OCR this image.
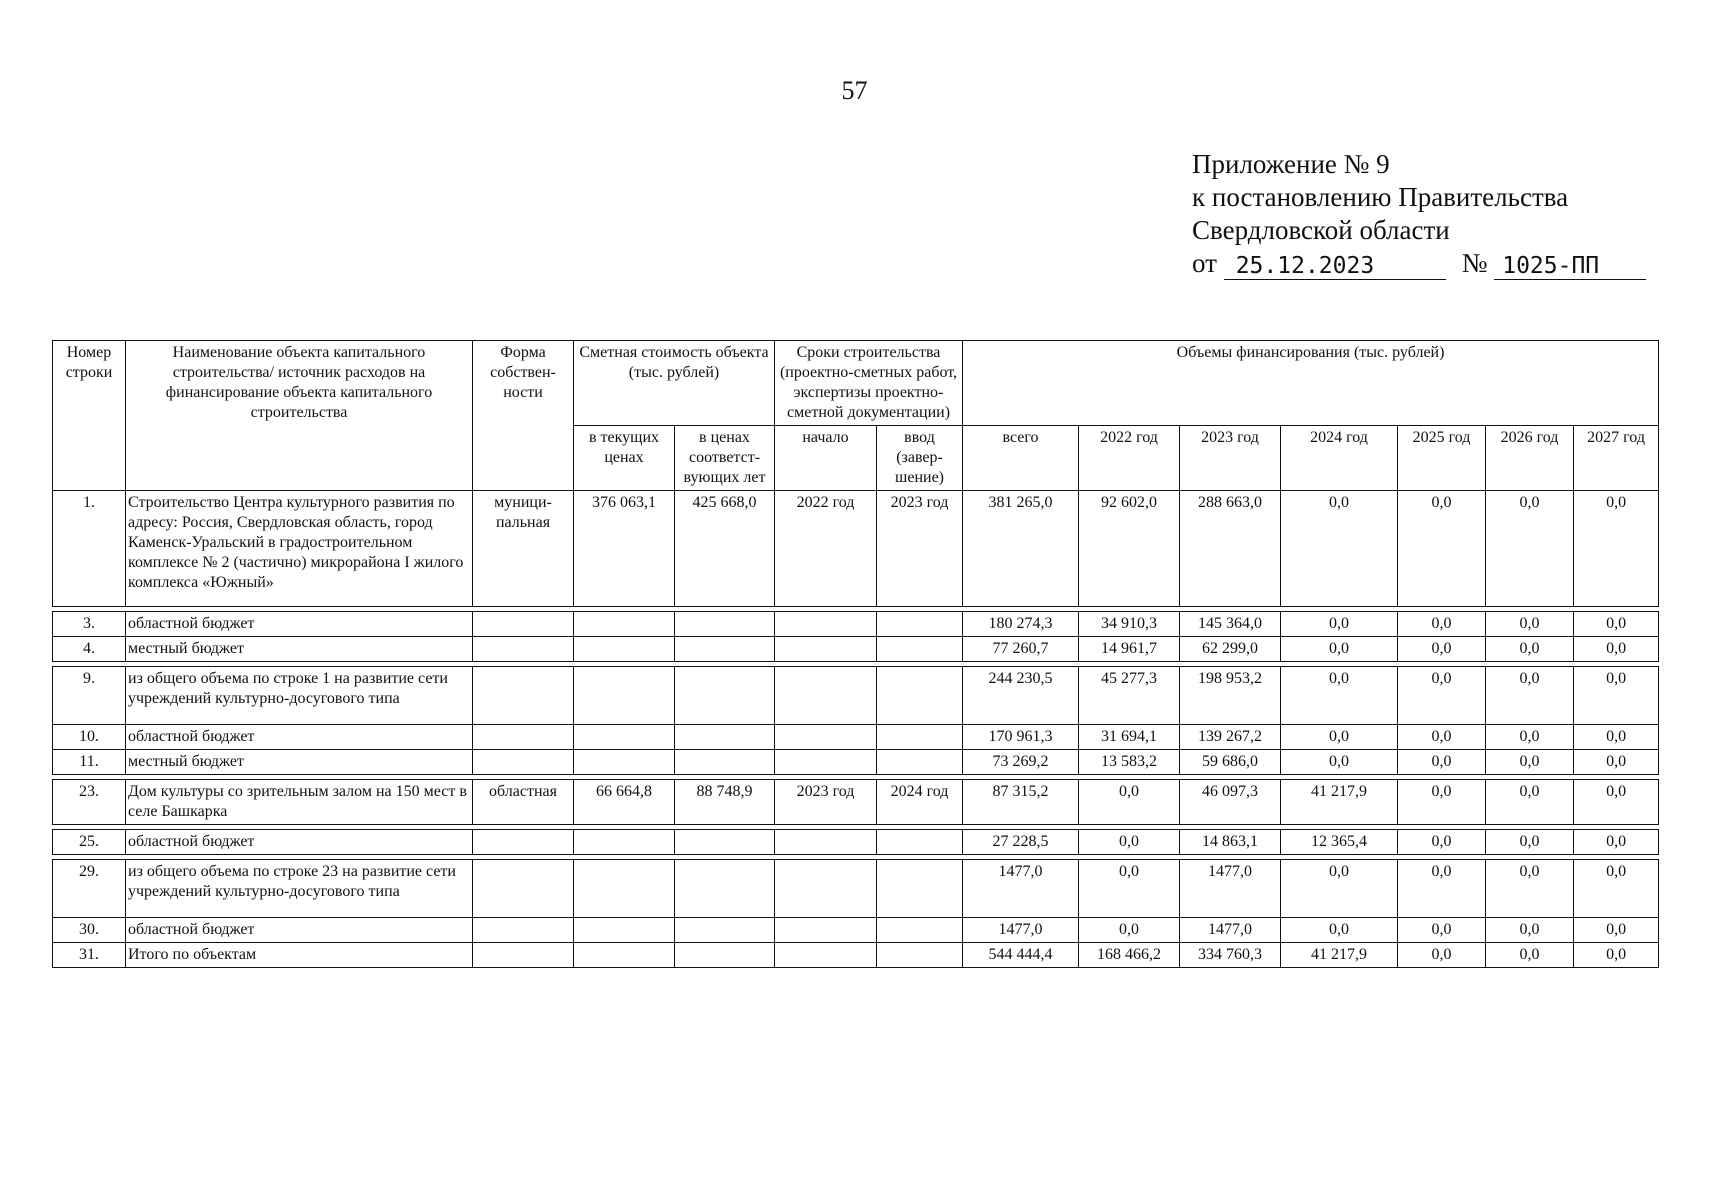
57
Приложение № 9
к постановлению Правительства
Свердловской области
от
25.12.2023	№
1025-ПП
Номер строки	Наименование объекта капитального строительства/ источник расходов на финансирование объекта капитального строительства	Форма собствен-ности	Сметная стоимость объекта (тыс. рублей)		Сроки строительства (проектно-сметных работ, экспертизы проектно-сметной документации)		Объемы финансирования (тыс. рублей)						
			в текущих ценах	в ценах соответст-вующих лет	начало	ввод (завер-шение)	всего	2022 год	2023 год	2024 год	2025 год	2026 год	2027 год
1.	Строительство Центра культурного развития по адресу: Россия, Свердловская область, город Каменск-Уральский в градостроительном комплексе № 2 (частично) микрорайона I жилого комплекса «Южный»	муници-пальная	376 063,1	425 668,0	2022 год	2023 год	381 265,0	92 602,0	288 663,0	0,0	0,0	0,0	0,0

3.	областной бюджет						180 274,3	34 910,3	145 364,0	0,0	0,0	0,0	0,0
4.	местный бюджет						77 260,7	14 961,7	62 299,0	0,0	0,0	0,0	0,0

9.	из общего объема по строке 1 на развитие сети учреждений культурно-досугового типа						244 230,5	45 277,3	198 953,2	0,0	0,0	0,0	0,0
10.	областной бюджет						170 961,3	31 694,1	139 267,2	0,0	0,0	0,0	0,0
11.	местный бюджет						73 269,2	13 583,2	59 686,0	0,0	0,0	0,0	0,0

23.	Дом культуры со зрительным залом на 150 мест в селе Башкарка	областная	66 664,8	88 748,9	2023 год	2024 год	87 315,2	0,0	46 097,3	41 217,9	0,0	0,0	0,0

25.	областной бюджет						27 228,5	0,0	14 863,1	12 365,4	0,0	0,0	0,0

29.	из общего объема по строке 23 на развитие сети учреждений культурно-досугового типа						1477,0	0,0	1477,0	0,0	0,0	0,0	0,0
30.	областной бюджет						1477,0	0,0	1477,0	0,0	0,0	0,0	0,0
31.	Итого по объектам						544 444,4	168 466,2	334 760,3	41 217,9	0,0	0,0	0,0
